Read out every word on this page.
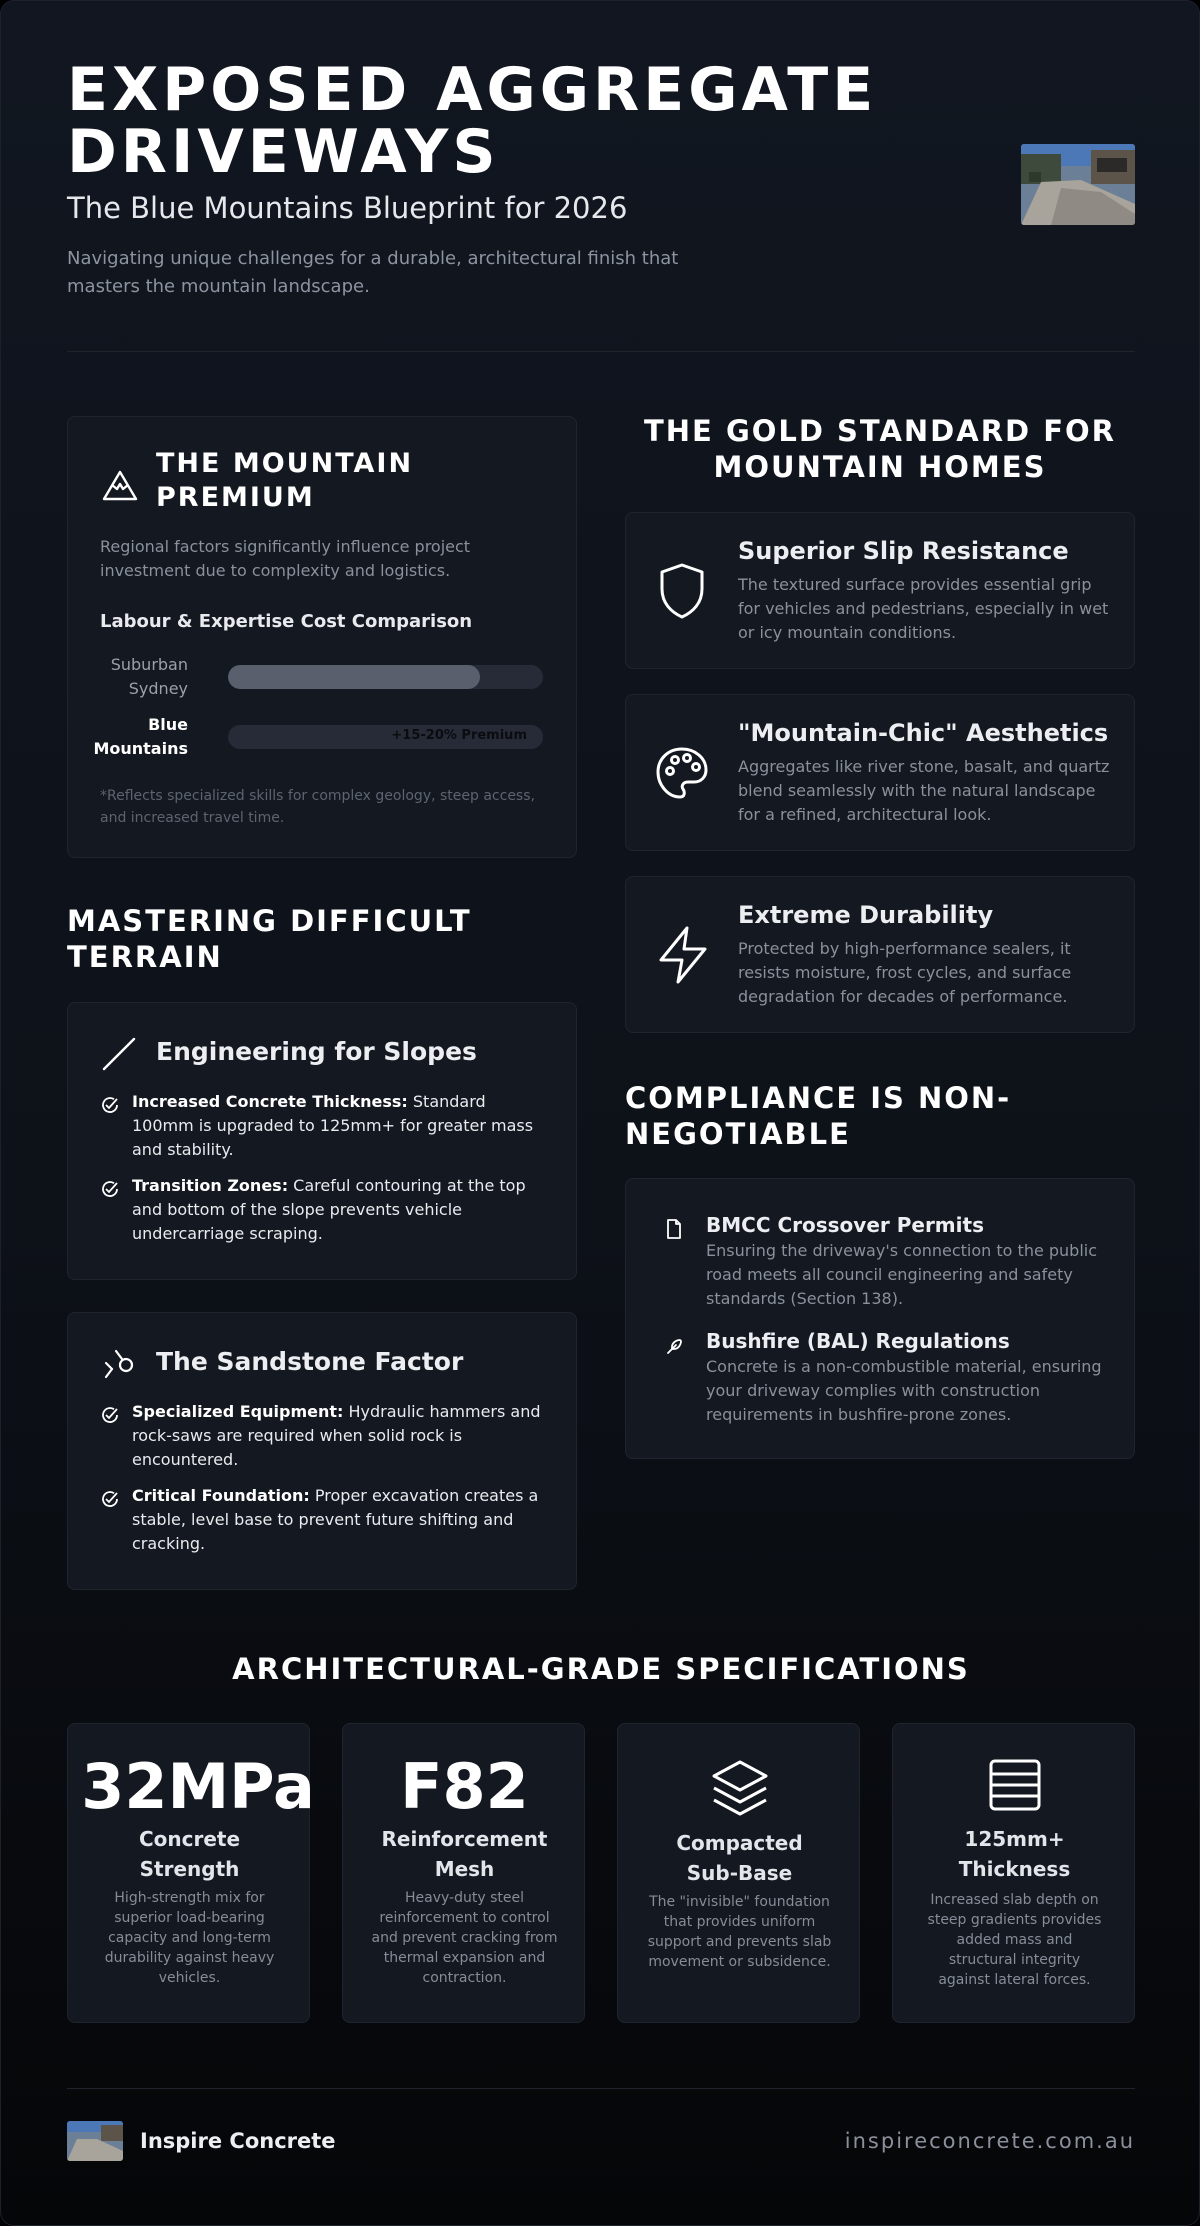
EXPOSED AGGREGATE DRIVEWAYS
The Blue Mountains Blueprint for 2026
Navigating unique challenges for a durable, architectural finish that masters the mountain landscape.
THE MOUNTAIN PREMIUM
Regional factors significantly influence project investment due to complexity and logistics.
Labour & Expertise Cost Comparison
Suburban Sydney
Blue Mountains
+15-20% Premium
*Reflects specialized skills for complex geology, steep access, and increased travel time.
MASTERING DIFFICULT TERRAIN
Engineering for Slopes
Increased Concrete Thickness: Standard 100mm is upgraded to 125mm+ for greater mass and stability.
Transition Zones: Careful contouring at the top and bottom of the slope prevents vehicle undercarriage scraping.
The Sandstone Factor
Specialized Equipment: Hydraulic hammers and rock-saws are required when solid rock is encountered.
Critical Foundation: Proper excavation creates a stable, level base to prevent future shifting and cracking.
THE GOLD STANDARD FOR MOUNTAIN HOMES
Superior Slip Resistance
The textured surface provides essential grip for vehicles and pedestrians, especially in wet or icy mountain conditions.
"Mountain-Chic" Aesthetics
Aggregates like river stone, basalt, and quartz blend seamlessly with the natural landscape for a refined, architectural look.
Extreme Durability
Protected by high-performance sealers, it resists moisture, frost cycles, and surface degradation for decades of performance.
COMPLIANCE IS NON-NEGOTIABLE
BMCC Crossover Permits
Ensuring the driveway's connection to the public road meets all council engineering and safety standards (Section 138).
Bushfire (BAL) Regulations
Concrete is a non-combustible material, ensuring your driveway complies with construction requirements in bushfire-prone zones.
ARCHITECTURAL-GRADE SPECIFICATIONS
32MPa
Concrete Strength
High-strength mix for superior load-bearing capacity and long-term durability against heavy vehicles.
F82
Reinforcement Mesh
Heavy-duty steel reinforcement to control and prevent cracking from thermal expansion and contraction.
Compacted Sub-Base
The "invisible" foundation that provides uniform support and prevents slab movement or subsidence.
125mm+ Thickness
Increased slab depth on steep gradients provides added mass and structural integrity against lateral forces.
Inspire Concrete	inspireconcrete.com.au
